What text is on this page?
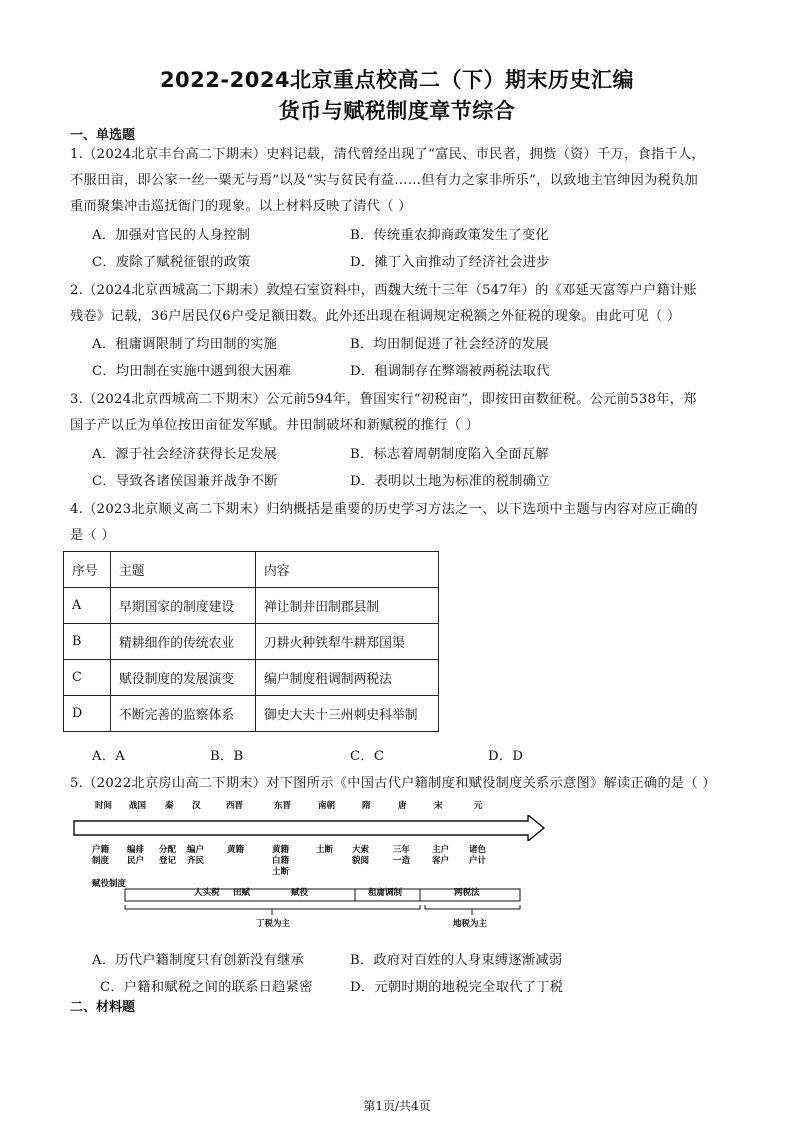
2022-2024北京重点校高二（下）期末历史汇编
货币与赋税制度章节综合
一、单选题
1.（2024北京丰台高二下期末）史料记载，清代曾经出现了“富民、市民者，拥赀（资）千万，食指千人，
不服田亩，即公家一丝一粟无与焉”以及“实与贫民有益……但有力之家非所乐”，以致地主官绅因为税负加
重而聚集冲击巡抚衙门的现象。以上材料反映了清代（ ）
A．加强对官民的人身控制	B．传统重农抑商政策发生了变化
C．废除了赋税征银的政策	D．摊丁入亩推动了经济社会进步
2.（2024北京西城高二下期末）敦煌石室资料中，西魏大统十三年（547年）的《邓延天富等户户籍计账
残卷》记载，36户居民仅6户受足额田数。此外还出现在租调规定税额之外征税的现象。由此可见（ ）
A．租庸调限制了均田制的实施	B．均田制促进了社会经济的发展
C．均田制在实施中遇到很大困难	D．租调制存在弊端被两税法取代
3.（2024北京西城高二下期末）公元前594年，鲁国实行“初税亩”，即按田亩数征税。公元前538年，郑
国子产以丘为单位按田亩征发军赋。井田制破坏和新赋税的推行（ ）
A．源于社会经济获得长足发展	B．标志着周朝制度陷入全面瓦解
C．导致各诸侯国兼并战争不断	D．表明以土地为标准的税制确立
4.（2023北京顺义高二下期末）归纳概括是重要的历史学习方法之一、以下选项中主题与内容对应正确的
是（ ）
序号	主题	内容
A	早期国家的制度建设	禅让制井田制郡县制
B	精耕细作的传统农业	刀耕火种铁犁牛耕郑国渠
C	赋役制度的发展演变	编户制度租调制两税法
D	不断完善的监察体系	御史大夫十三州刺史科举制
A．A	B．B	C．C	D．D
5.（2022北京房山高二下期末）对下图所示《中国古代户籍制度和赋役制度关系示意图》解读正确的是（ ）
时间 战国 秦 汉	西晋	东晋	南朝	隋	唐	宋	元
户籍
制度
编排
民户
分配
登记
编户
齐民
黄籍	黄籍
白籍
土断
土断 大索
貌阅
三年
一造
主户
客户
诸色
户计
赋役制度
人头税 田赋	赋役	租庸调制	两税法
丁税为主	地税为主
A．历代户籍制度只有创新没有继承	B．政府对百姓的人身束缚逐渐减弱
C．户籍和赋税之间的联系日趋紧密	D．元朝时期的地税完全取代了丁税
二、材料题
第1页/共4页
